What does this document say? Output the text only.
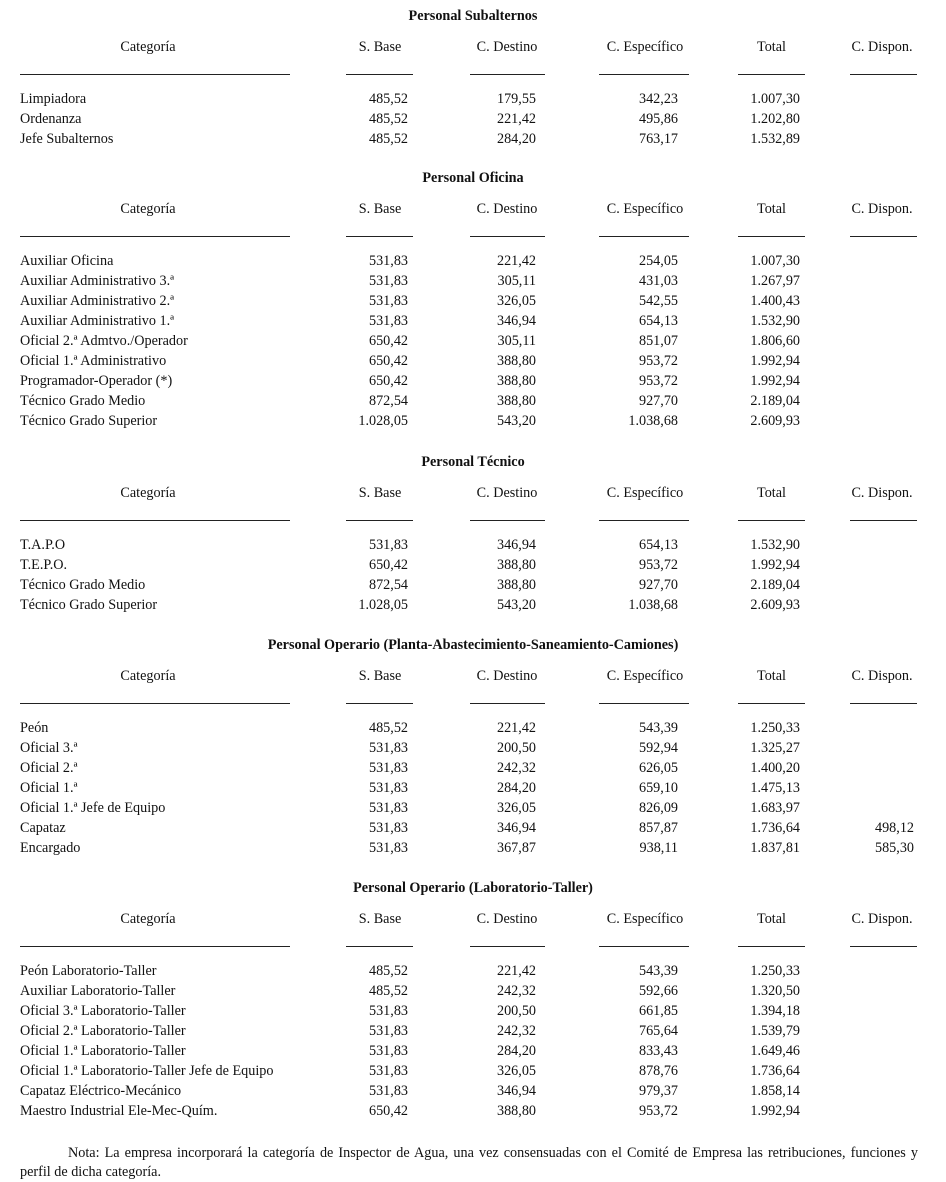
Personal Subalternos
Categoría	S. Base	C. Destino	C. Específico	Total	C. Dispon.
Limpiadora	485,52	179,55	342,23	1.007,30
Ordenanza	485,52	221,42	495,86	1.202,80
Jefe Subalternos	485,52	284,20	763,17	1.532,89
Personal Oficina
Categoría	S. Base	C. Destino	C. Específico	Total	C. Dispon.
Auxiliar Oficina	531,83	221,42	254,05	1.007,30
Auxiliar Administrativo 3.ª	531,83	305,11	431,03	1.267,97
Auxiliar Administrativo 2.ª	531,83	326,05	542,55	1.400,43
Auxiliar Administrativo 1.ª	531,83	346,94	654,13	1.532,90
Oficial 2.ª Admtvo./Operador	650,42	305,11	851,07	1.806,60
Oficial 1.ª Administrativo	650,42	388,80	953,72	1.992,94
Programador-Operador (*)	650,42	388,80	953,72	1.992,94
Técnico Grado Medio	872,54	388,80	927,70	2.189,04
Técnico Grado Superior	1.028,05	543,20	1.038,68	2.609,93
Personal Técnico
Categoría	S. Base	C. Destino	C. Específico	Total	C. Dispon.
T.A.P.O	531,83	346,94	654,13	1.532,90
T.E.P.O.	650,42	388,80	953,72	1.992,94
Técnico Grado Medio	872,54	388,80	927,70	2.189,04
Técnico Grado Superior	1.028,05	543,20	1.038,68	2.609,93
Personal Operario (Planta-Abastecimiento-Saneamiento-Camiones)
Categoría	S. Base	C. Destino	C. Específico	Total	C. Dispon.
Peón	485,52	221,42	543,39	1.250,33
Oficial 3.ª	531,83	200,50	592,94	1.325,27
Oficial 2.ª	531,83	242,32	626,05	1.400,20
Oficial 1.ª	531,83	284,20	659,10	1.475,13
Oficial 1.ª Jefe de Equipo	531,83	326,05	826,09	1.683,97
Capataz	531,83	346,94	857,87	1.736,64	498,12
Encargado	531,83	367,87	938,11	1.837,81	585,30
Personal Operario (Laboratorio-Taller)
Categoría	S. Base	C. Destino	C. Específico	Total	C. Dispon.
Peón Laboratorio-Taller	485,52	221,42	543,39	1.250,33
Auxiliar Laboratorio-Taller	485,52	242,32	592,66	1.320,50
Oficial 3.ª Laboratorio-Taller	531,83	200,50	661,85	1.394,18
Oficial 2.ª Laboratorio-Taller	531,83	242,32	765,64	1.539,79
Oficial 1.ª Laboratorio-Taller	531,83	284,20	833,43	1.649,46
Oficial 1.ª Laboratorio-Taller Jefe de Equipo	531,83	326,05	878,76	1.736,64
Capataz Eléctrico-Mecánico	531,83	346,94	979,37	1.858,14
Maestro Industrial Ele-Mec-Quím.	650,42	388,80	953,72	1.992,94

Nota: La empresa incorporará la categoría de Inspector de Agua, una vez consensuadas con el Comité de Empresa las retribuciones, funciones y perfil de dicha categoría.
